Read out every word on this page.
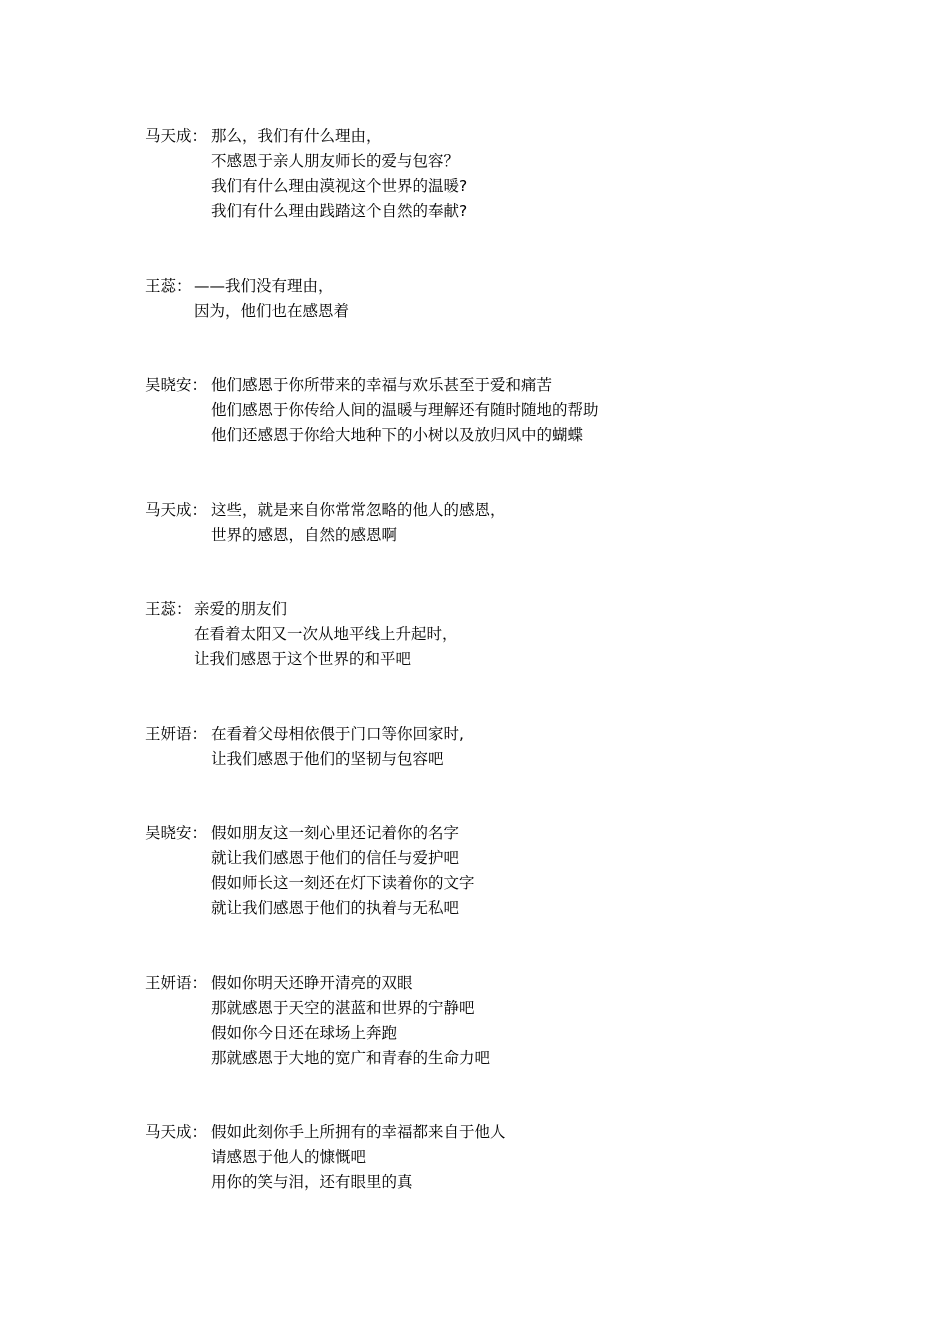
马天成： 那么，我们有什么理由，
不感恩于亲人朋友师长的爱与包容？
我们有什么理由漠视这个世界的温暖?
我们有什么理由践踏这个自然的奉献?
王蕊： ——我们没有理由，
因为，他们也在感恩着
吴晓安： 他们感恩于你所带来的幸福与欢乐甚至于爱和痛苦
他们感恩于你传给人间的温暖与理解还有随时随地的帮助
他们还感恩于你给大地种下的小树以及放归风中的蝴蝶
马天成： 这些，就是来自你常常忽略的他人的感恩，
世界的感恩，自然的感恩啊
王蕊： 亲爱的朋友们
在看着太阳又一次从地平线上升起时，
让我们感恩于这个世界的和平吧
王妍语： 在看着父母相依偎于门口等你回家时,
让我们感恩于他们的坚韧与包容吧
吴晓安： 假如朋友这一刻心里还记着你的名字
就让我们感恩于他们的信任与爱护吧
假如师长这一刻还在灯下读着你的文字
就让我们感恩于他们的执着与无私吧
王妍语： 假如你明天还睁开清亮的双眼
那就感恩于天空的湛蓝和世界的宁静吧
假如你今日还在球场上奔跑
那就感恩于大地的宽广和青春的生命力吧
马天成： 假如此刻你手上所拥有的幸福都来自于他人
请感恩于他人的慷慨吧
用你的笑与泪，还有眼里的真
